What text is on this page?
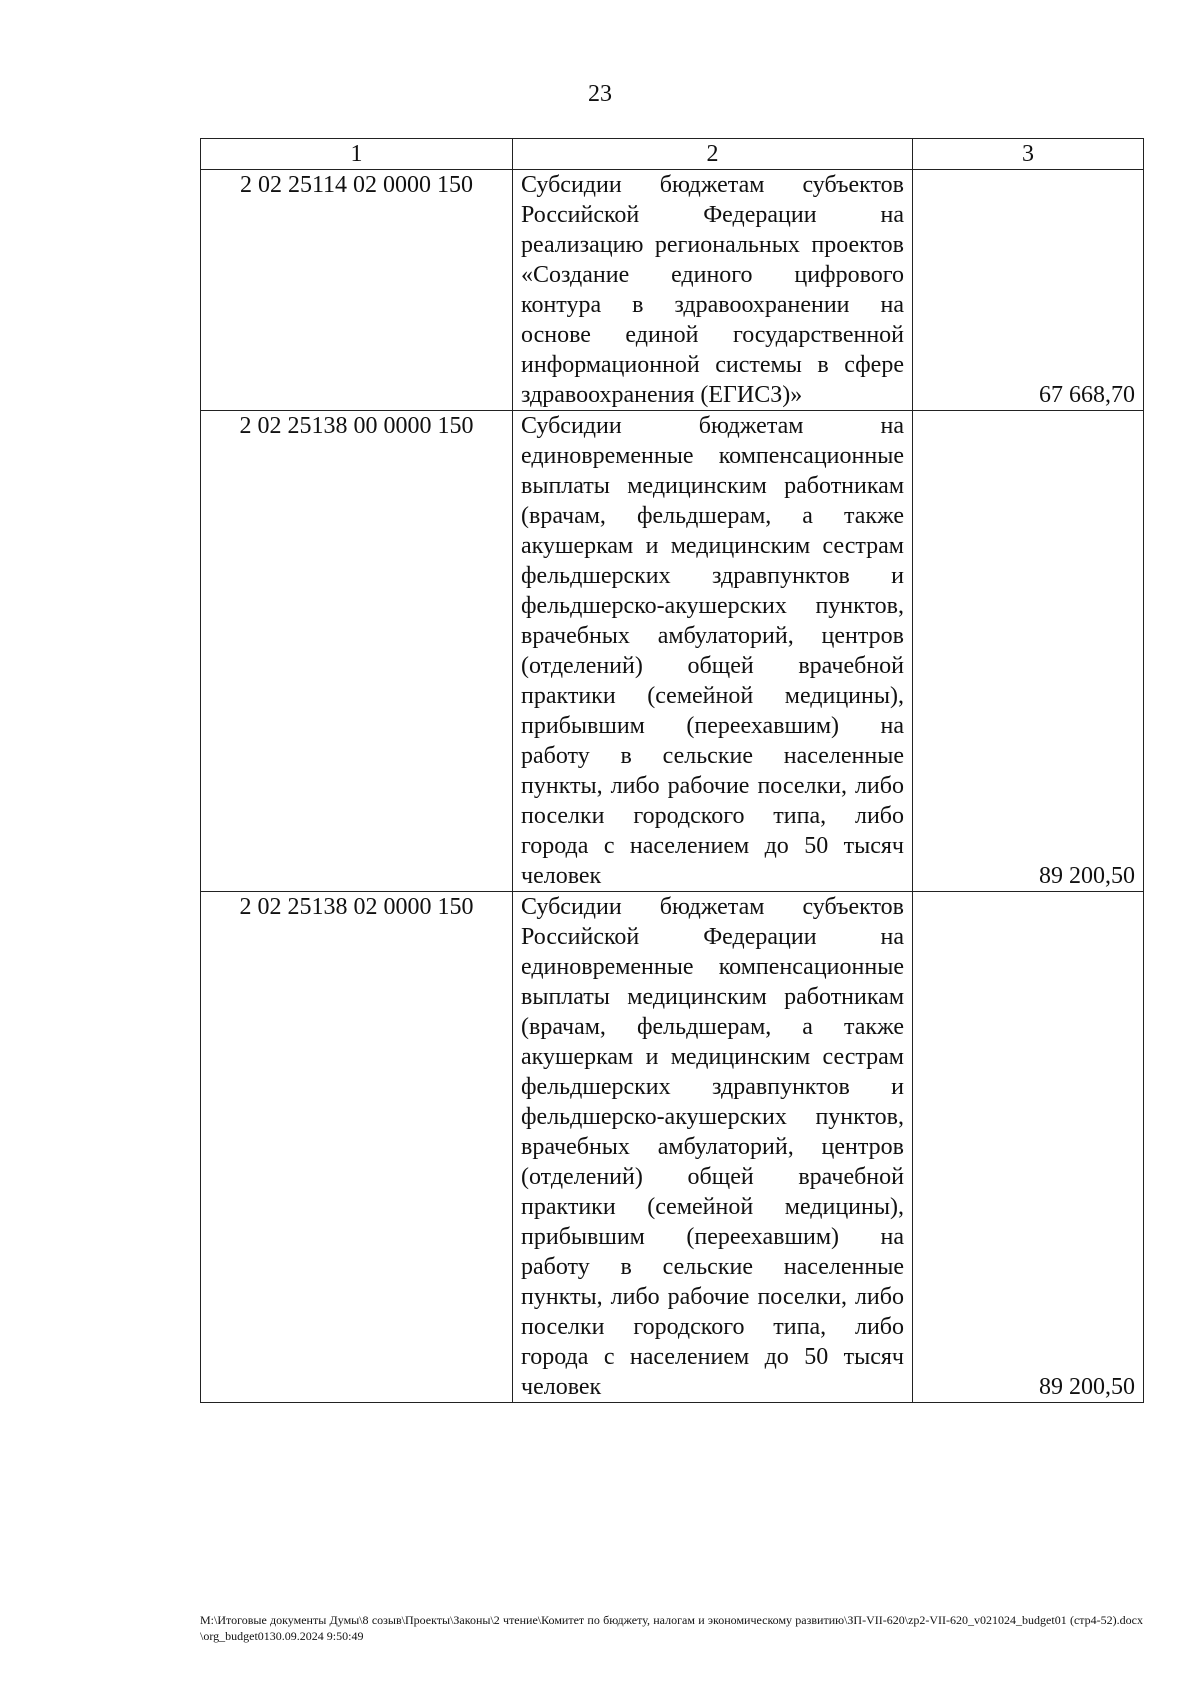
23
1	2	3
2 02 25114 02 0000 150	Субсидии бюджетам субъектов Российской Федерации на реализацию региональных проектов «Создание единого цифрового контура в здравоохранении на основе единой государственной информационной системы в сфере здравоохранения (ЕГИСЗ)»	67 668,70
2 02 25138 00 0000 150	Субсидии бюджетам на единовременные компенсационные выплаты медицинским работникам (врачам, фельдшерам, а также акушеркам и медицинским сестрам фельдшерских здравпунктов и фельдшерско-акушерских пунктов, врачебных амбулаторий, центров (отделений) общей врачебной практики (семейной медицины), прибывшим (переехавшим) на работу в сельские населенные пункты, либо рабочие поселки, либо поселки городского типа, либо города с населением до 50 тысяч человек	89 200,50
2 02 25138 02 0000 150	Субсидии бюджетам субъектов Российской Федерации на единовременные компенсационные выплаты медицинским работникам (врачам, фельдшерам, а также акушеркам и медицинским сестрам фельдшерских здравпунктов и фельдшерско-акушерских пунктов, врачебных амбулаторий, центров (отделений) общей врачебной практики (семейной медицины), прибывшим (переехавшим) на работу в сельские населенные пункты, либо рабочие поселки, либо поселки городского типа, либо города с населением до 50 тысяч человек	89 200,50
М:\Итоговые документы Думы\8 созыв\Проекты\Законы\2 чтение\Комитет по бюджету, налогам и экономическому развитию\ЗП-VII-620\zp2-VII-620_v021024_budget01 (стр4-52).docx\org_budget0130.09.2024 9:50:49
